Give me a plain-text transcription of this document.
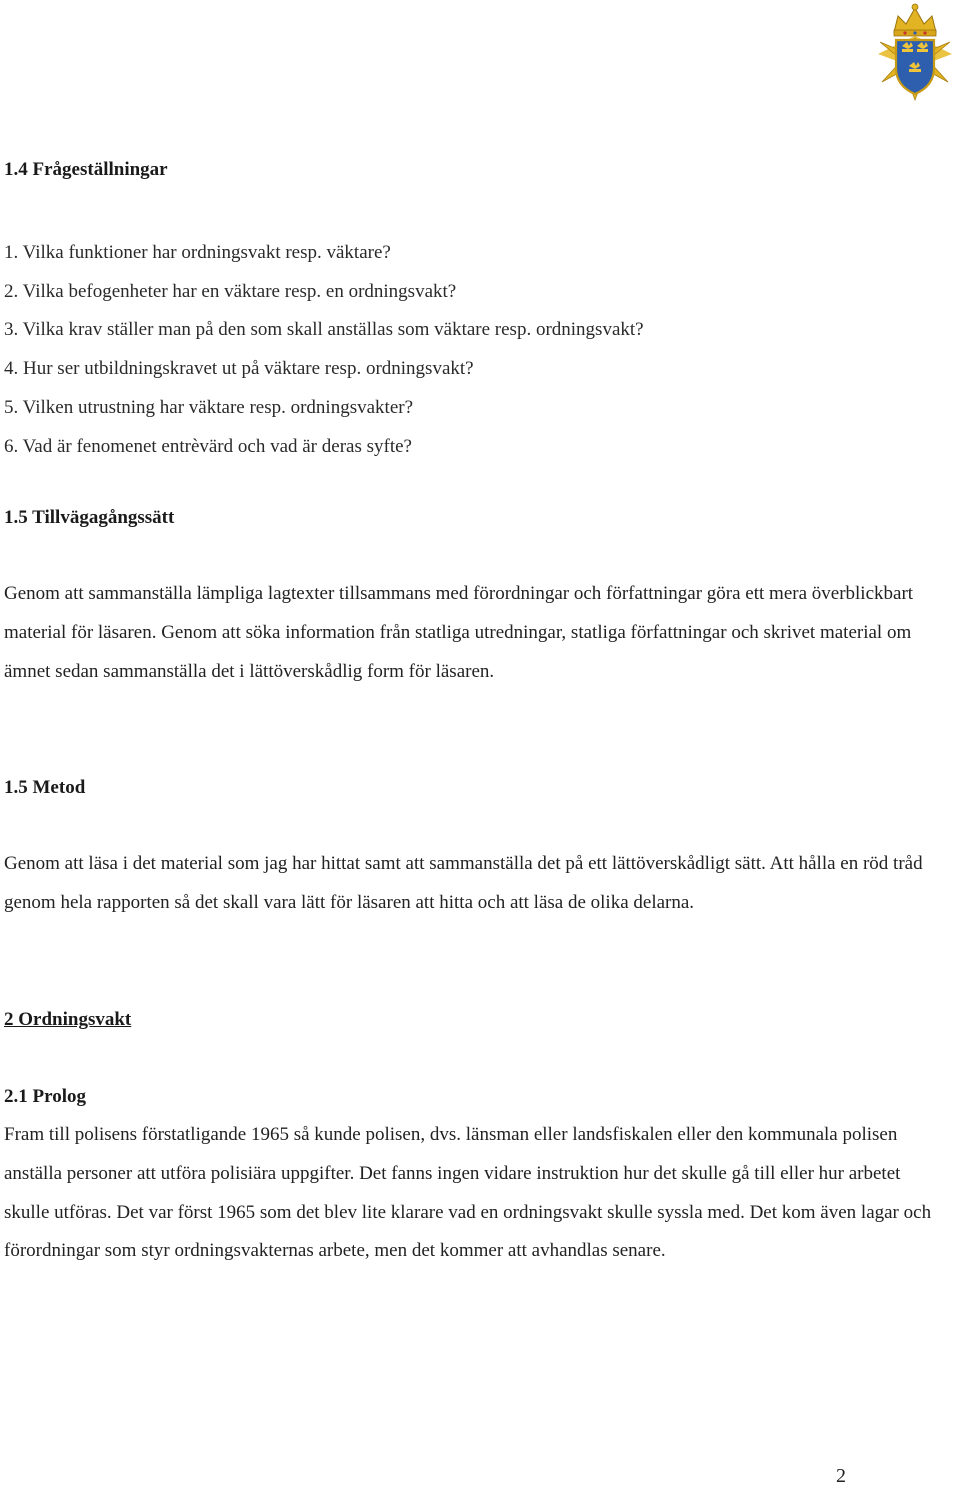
1.4 Frågeställningar
1. Vilka funktioner har ordningsvakt resp. väktare?
2. Vilka befogenheter har en väktare resp. en ordningsvakt?
3. Vilka krav ställer man på den som skall anställas som väktare resp. ordningsvakt?
4. Hur ser utbildningskravet ut på väktare resp. ordningsvakt?
5. Vilken utrustning har väktare resp. ordningsvakter?
6. Vad är fenomenet entrèvärd och vad är deras syfte?
1.5 Tillvägagångssätt

Genom att sammanställa lämpliga lagtexter tillsammans med förordningar och författningar göra ett mera överblickbart material för läsaren. Genom att söka information från statliga utredningar, statliga författningar och skrivet material om ämnet sedan sammanställa det i lättöverskådlig form för läsaren.

1.5 Metod

Genom att läsa i det material som jag har hittat samt att sammanställa det på ett lättöverskådligt sätt. Att hålla en röd tråd genom hela rapporten så det skall vara lätt för läsaren att hitta och att läsa de olika delarna.

2 Ordningsvakt
2.1 Prolog

Fram till polisens förstatligande 1965 så kunde polisen, dvs. länsman eller landsfiskalen eller den kommunala polisen anställa personer att utföra polisiära uppgifter. Det fanns ingen vidare instruktion hur det skulle gå till eller hur arbetet skulle utföras. Det var först 1965 som det blev lite klarare vad en ordningsvakt skulle syssla med. Det kom även lagar och förordningar som styr ordningsvakternas arbete, men det kommer att avhandlas senare.

2
